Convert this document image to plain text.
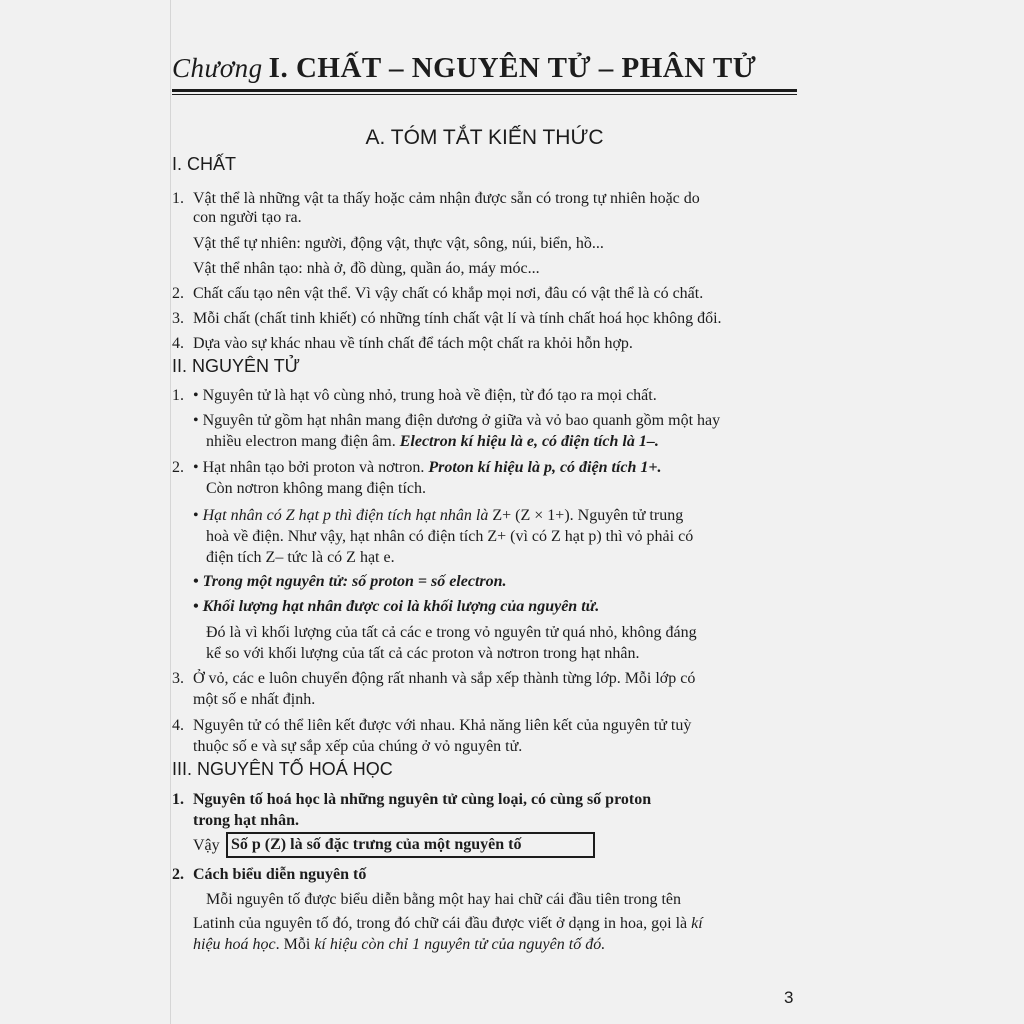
Chương I. CHẤT – NGUYÊN TỬ – PHÂN TỬ
A. TÓM TẮT KIẾN THỨC
I. CHẤT
1. Vật thể là những vật ta thấy hoặc cảm nhận được sẵn có trong tự nhiên hoặc do
con người tạo ra.
Vật thể tự nhiên: người, động vật, thực vật, sông, núi, biển, hồ...
Vật thể nhân tạo: nhà ở, đồ dùng, quần áo, máy móc...
2. Chất cấu tạo nên vật thể. Vì vậy chất có khắp mọi nơi, đâu có vật thể là có chất.
3. Mỗi chất (chất tinh khiết) có những tính chất vật lí và tính chất hoá học không đổi.
4. Dựa vào sự khác nhau về tính chất để tách một chất ra khỏi hỗn hợp.
II. NGUYÊN TỬ
1. • Nguyên tử là hạt vô cùng nhỏ, trung hoà về điện, từ đó tạo ra mọi chất.
• Nguyên tử gồm hạt nhân mang điện dương ở giữa và vỏ bao quanh gồm một hay
nhiều electron mang điện âm. Electron kí hiệu là e, có điện tích là 1–.
2. • Hạt nhân tạo bởi proton và nơtron. Proton kí hiệu là p, có điện tích 1+.
Còn nơtron không mang điện tích.
• Hạt nhân có Z hạt p thì điện tích hạt nhân là Z+ (Z × 1+). Nguyên tử trung
hoà về điện. Như vậy, hạt nhân có điện tích Z+ (vì có Z hạt p) thì vỏ phải có
điện tích Z– tức là có Z hạt e.
• Trong một nguyên tử: số proton = số electron.
• Khối lượng hạt nhân được coi là khối lượng của nguyên tử.
Đó là vì khối lượng của tất cả các e trong vỏ nguyên tử quá nhỏ, không đáng
kể so với khối lượng của tất cả các proton và nơtron trong hạt nhân.
3. Ở vỏ, các e luôn chuyển động rất nhanh và sắp xếp thành từng lớp. Mỗi lớp có
một số e nhất định.
4. Nguyên tử có thể liên kết được với nhau. Khả năng liên kết của nguyên tử tuỳ
thuộc số e và sự sắp xếp của chúng ở vỏ nguyên tử.
III. NGUYÊN TỐ HOÁ HỌC
1. Nguyên tố hoá học là những nguyên tử cùng loại, có cùng số proton
trong hạt nhân.
Vậy Số p (Z) là số đặc trưng của một nguyên tố
2. Cách biểu diễn nguyên tố
Mỗi nguyên tố được biểu diễn bằng một hay hai chữ cái đầu tiên trong tên
Latinh của nguyên tố đó, trong đó chữ cái đầu được viết ở dạng in hoa, gọi là kí
hiệu hoá học. Mỗi kí hiệu còn chỉ 1 nguyên tử của nguyên tố đó.
3
